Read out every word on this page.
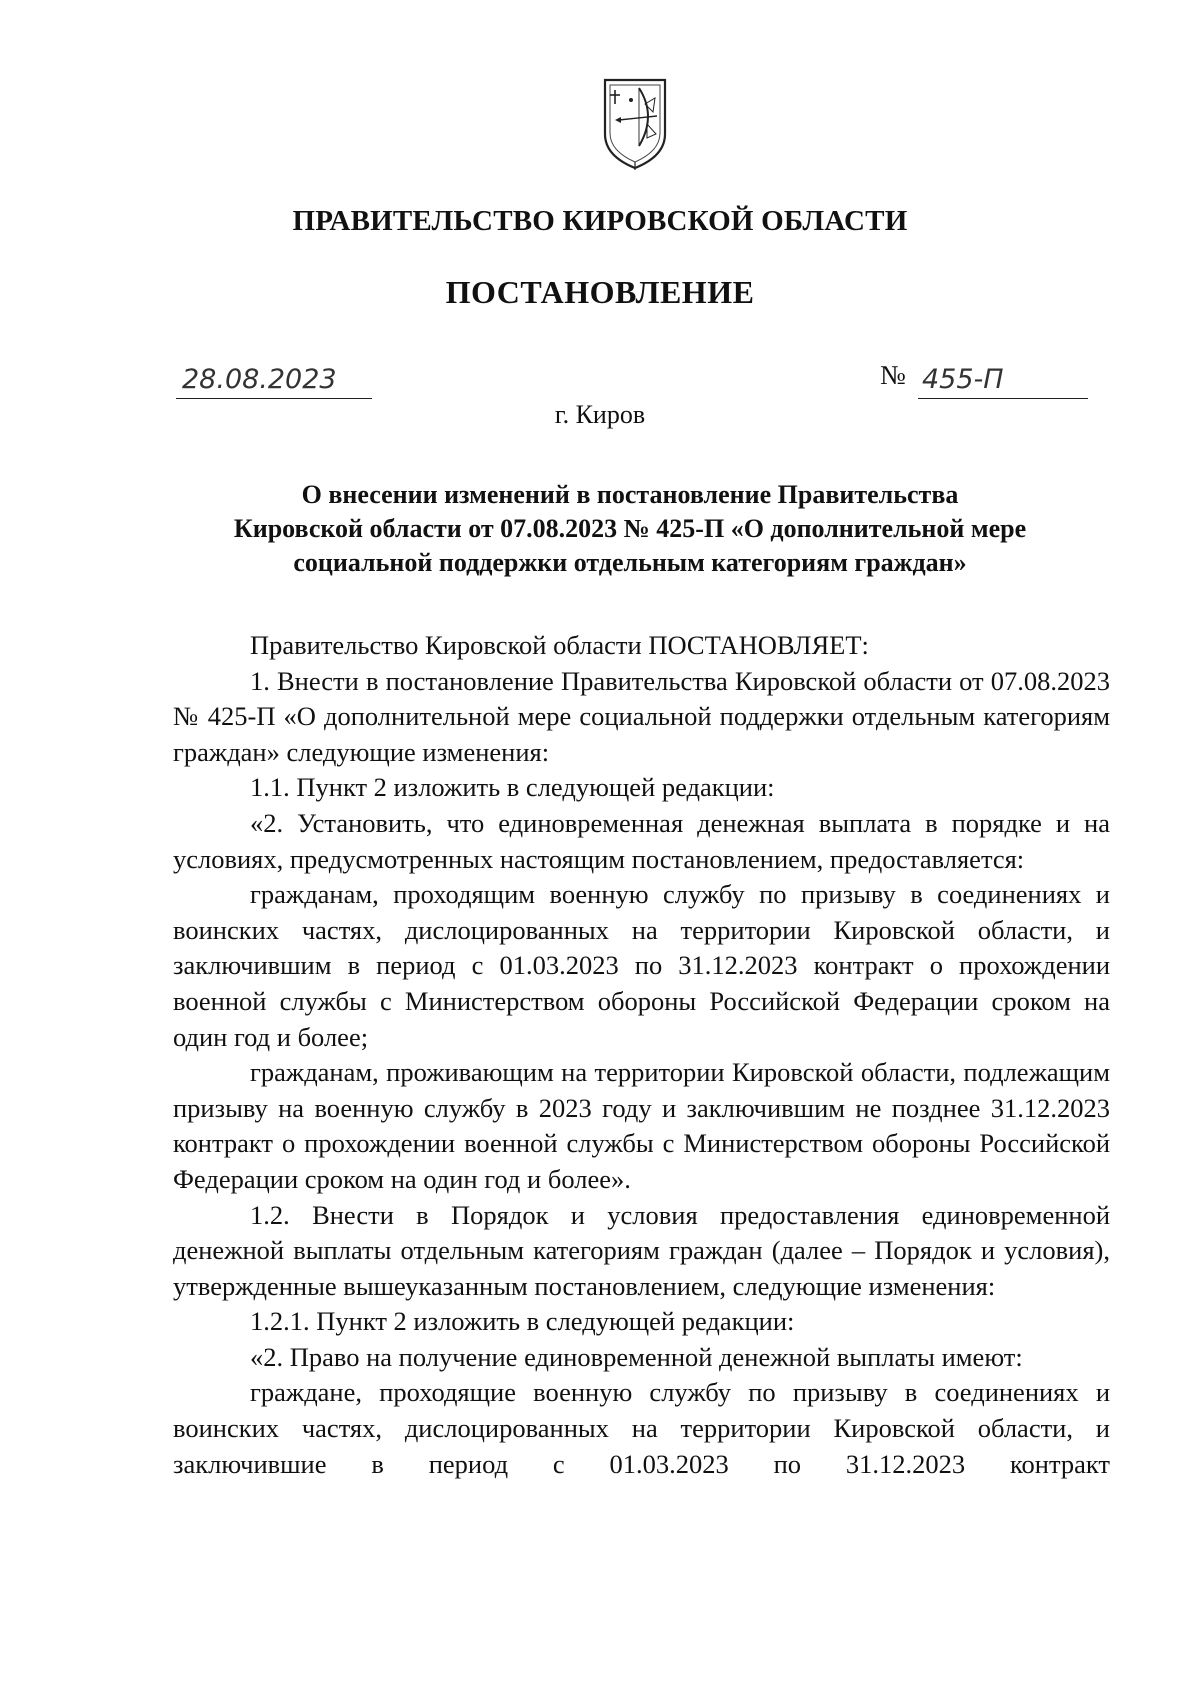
ПРАВИТЕЛЬСТВО КИРОВСКОЙ ОБЛАСТИ
ПОСТАНОВЛЕНИЕ
28.08.2023	№ 455-П
г. Киров
О внесении изменений в постановление Правительства
Кировской области от 07.08.2023 № 425-П «О дополнительной мере
социальной поддержки отдельным категориям граждан»

Правительство Кировской области ПОСТАНОВЛЯЕТ:

1. Внести в постановление Правительства Кировской области от 07.08.2023 № 425-П «О дополнительной мере социальной поддержки отдельным категориям граждан» следующие изменения:

1.1. Пункт 2 изложить в следующей редакции:

«2. Установить, что единовременная денежная выплата в порядке и на условиях, предусмотренных настоящим постановлением, предоставляется:

гражданам, проходящим военную службу по призыву в соединениях и воинских частях, дислоцированных на территории Кировской области, и заключившим в период с 01.03.2023 по 31.12.2023 контракт о прохождении военной службы с Министерством обороны Российской Федерации сроком на один год и более;

гражданам, проживающим на территории Кировской области, подлежащим призыву на военную службу в 2023 году и заключившим не позднее 31.12.2023 контракт о прохождении военной службы с Министерством обороны Российской Федерации сроком на один год и более».

1.2. Внести в Порядок и условия предоставления единовременной денежной выплаты отдельным категориям граждан (далее – Порядок и условия), утвержденные вышеуказанным постановлением, следующие изменения:

1.2.1. Пункт 2 изложить в следующей редакции:

«2. Право на получение единовременной денежной выплаты имеют:

граждане, проходящие военную службу по призыву в соединениях и воинских частях, дислоцированных на территории Кировской области, и заключившие в период с 01.03.2023 по 31.12.2023 контракт
